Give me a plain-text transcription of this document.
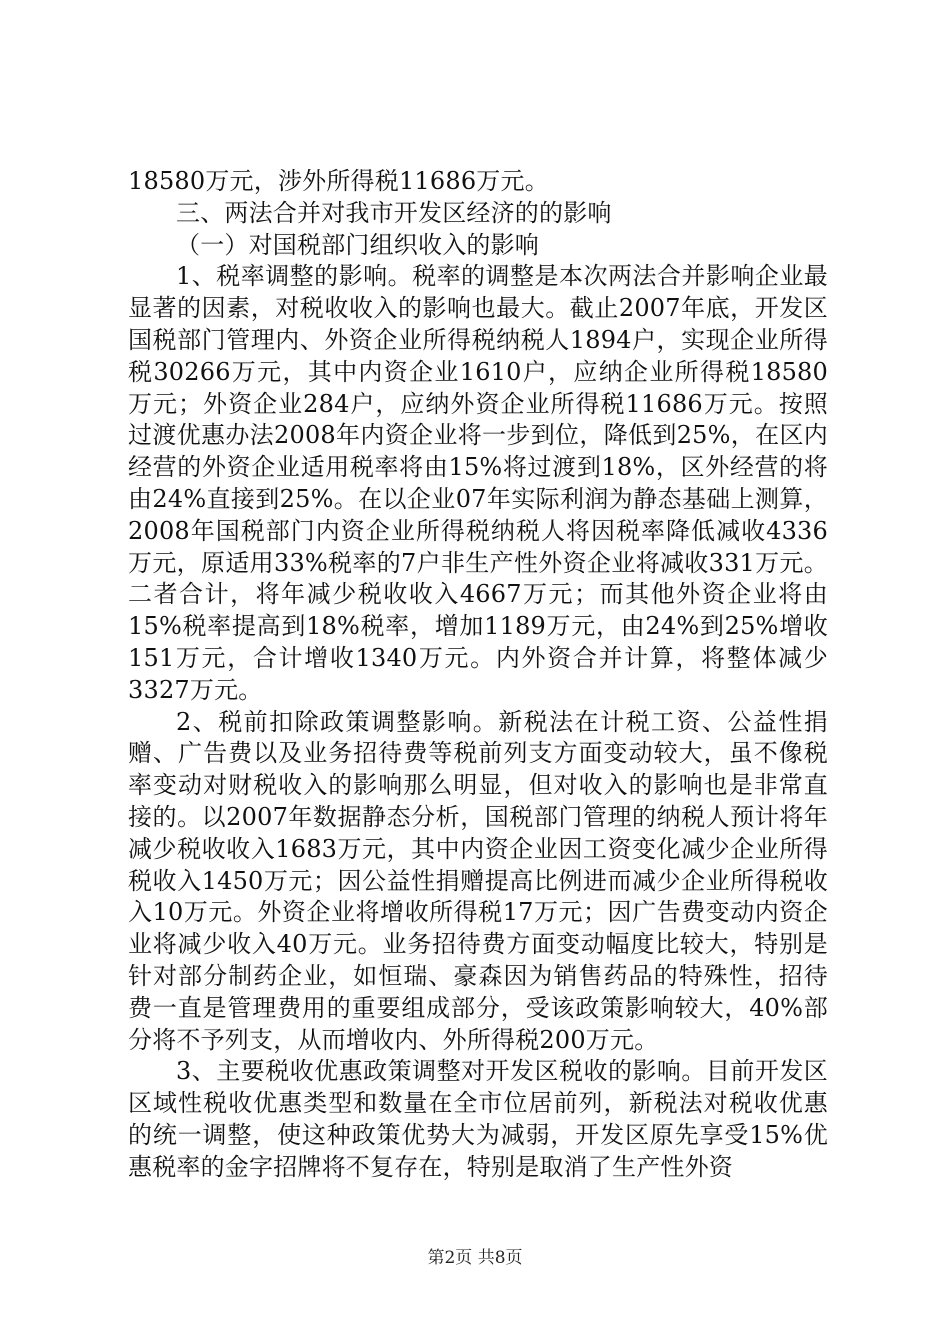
18580万元，涉外所得税11686万元。

三、两法合并对我市开发区经济的的影响

（一）对国税部门组织收入的影响

1、税率调整的影响。税率的调整是本次两法合并影响企业最显著的因素，对税收收入的影响也最大。截止2007年底，开发区国税部门管理内、外资企业所得税纳税人1894户，实现企业所得税30266万元，其中内资企业1610户，应纳企业所得税18580万元；外资企业284户，应纳外资企业所得税11686万元。按照过渡优惠办法2008年内资企业将一步到位，降低到25%，在区内经营的外资企业适用税率将由15%将过渡到18%，区外经营的将由24%直接到25%。在以企业07年实际利润为静态基础上测算，2008年国税部门内资企业所得税纳税人将因税率降低减收4336万元，原适用33%税率的7户非生产性外资企业将减收331万元。二者合计，将年减少税收收入4667万元；而其他外资企业将由15%税率提高到18%税率，增加1189万元，由24%到25%增收151万元，合计增收1340万元。内外资合并计算，将整体减少3327万元。

2、税前扣除政策调整影响。新税法在计税工资、公益性捐赠、广告费以及业务招待费等税前列支方面变动较大，虽不像税率变动对财税收入的影响那么明显，但对收入的影响也是非常直接的。以2007年数据静态分析，国税部门管理的纳税人预计将年减少税收收入1683万元，其中内资企业因工资变化减少企业所得税收入1450万元；因公益性捐赠提高比例进而减少企业所得税收入10万元。外资企业将增收所得税17万元；因广告费变动内资企业将减少收入40万元。业务招待费方面变动幅度比较大，特别是针对部分制药企业，如恒瑞、豪森因为销售药品的特殊性，招待费一直是管理费用的重要组成部分，受该政策影响较大，40%部分将不予列支，从而增收内、外所得税200万元。

3、主要税收优惠政策调整对开发区税收的影响。目前开发区区域性税收优惠类型和数量在全市位居前列，新税法对税收优惠的统一调整，使这种政策优势大为减弱，开发区原先享受15%优惠税率的金字招牌将不复存在，特别是取消了生产性外资

第2页 共8页
